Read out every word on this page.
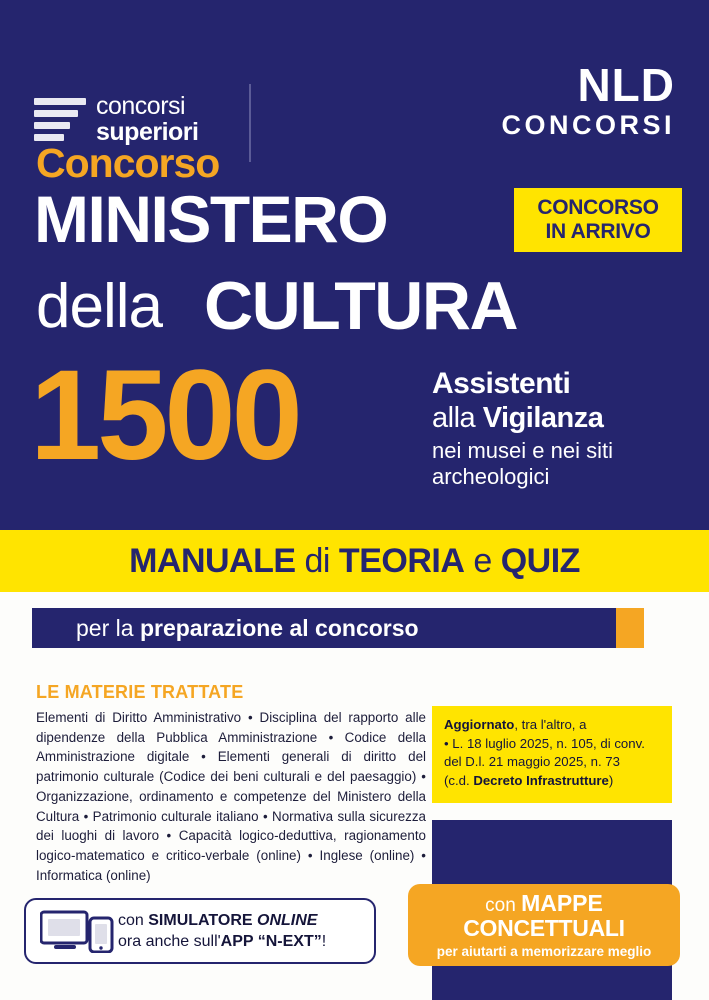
concorsi
superiori
NLD
CONCORSI
Concorso
MINISTERO
della CULTURA
1500
CONCORSO
IN ARRIVO
Assistenti
alla Vigilanza
nei musei e nei siti archeologici
MANUALE di TEORIA e QUIZ
per la preparazione al concorso
LE MATERIE TRATTATE
Elementi di Diritto Amministrativo • Disciplina del rapporto alle dipendenze della Pubblica Amministrazione • Codice della Amministrazione digitale • Elementi generali di diritto del patrimonio culturale (Codice dei beni culturali e del paesaggio) • Organizzazione, ordinamento e competenze del Ministero della Cultura • Patrimonio culturale italiano • Normativa sulla sicurezza dei luoghi di lavoro • Capacità logico-deduttiva, ragionamento logico-matematico e critico-verbale (online) • Inglese (online) • Informatica (online)
Aggiornato, tra l'altro, a
• L. 18 luglio 2025, n. 105, di conv. del D.l. 21 maggio 2025, n. 73
(c.d. Decreto Infrastrutture)
con MAPPE
CONCETTUALI
per aiutarti a memorizzare meglio
con SIMULATORE ONLINE
ora anche sull'APP “N-EXT”!
